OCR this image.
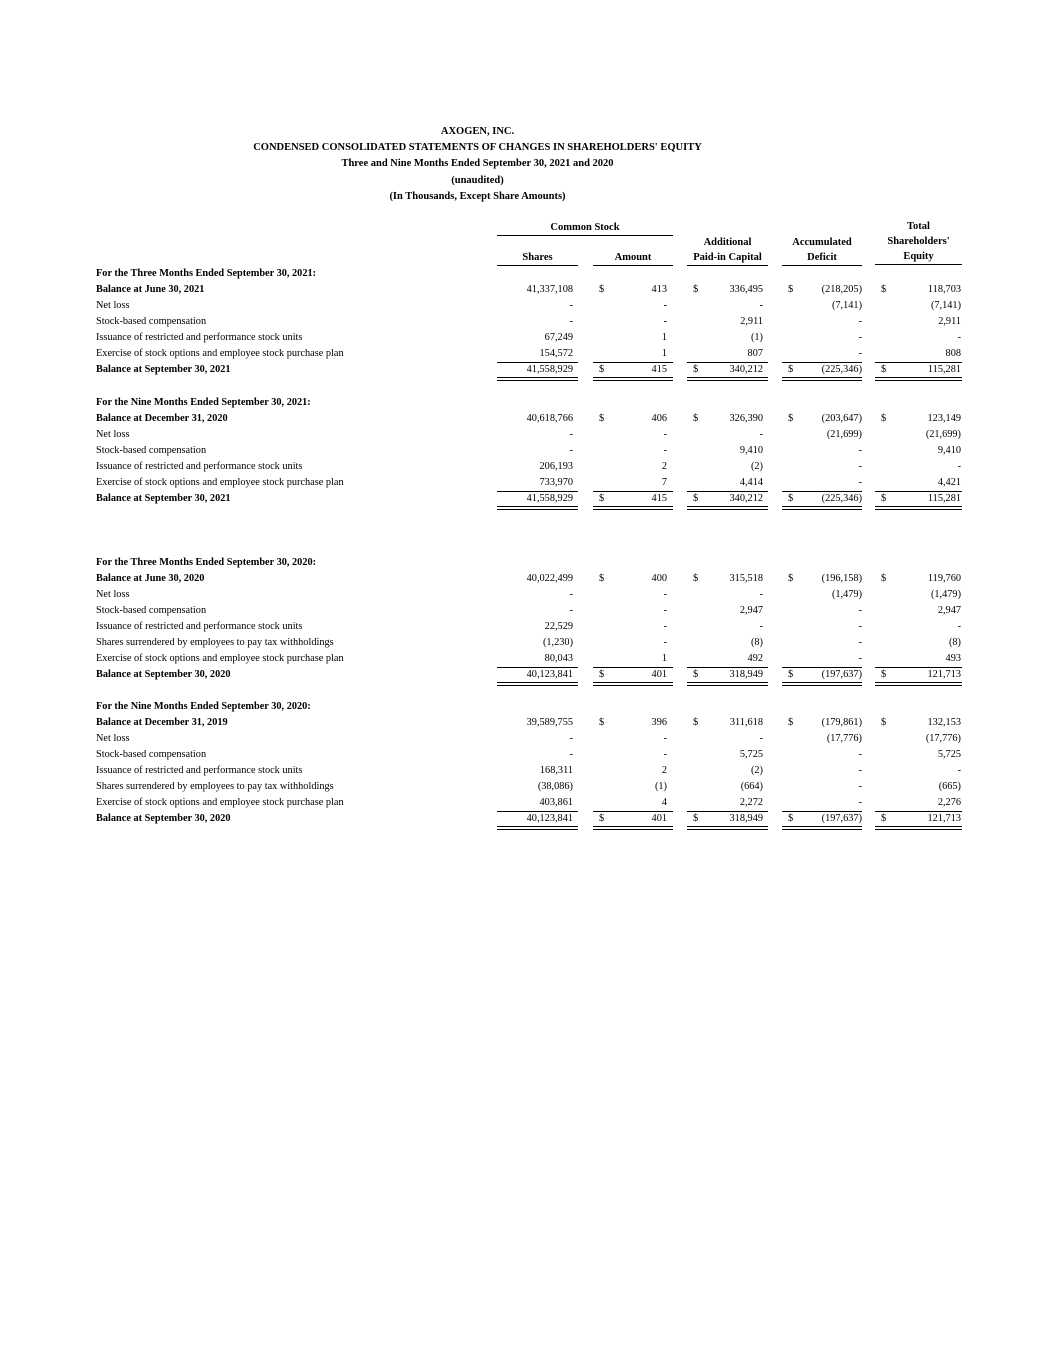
AXOGEN, INC.
CONDENSED CONSOLIDATED STATEMENTS OF CHANGES IN SHAREHOLDERS' EQUITY
Three and Nine Months Ended September 30, 2021 and 2020
(unaudited)
(In Thousands, Except Share Amounts)
Common Stock
Shares	Amount
Additional
Paid-in Capital
Accumulated
Deficit
Total
Shareholders'
Equity
For the Three Months Ended September 30, 2021:
Balance at June 30, 2021	41,337,108	$	413	$	336,495 $	(218,205) $	118,703
Net loss	-	-	-	(7,141)	(7,141)
Stock-based compensation	-	-	2,911	-	2,911
Issuance of restricted and performance stock units	67,249	1	(1)	-	-
Exercise of stock options and employee stock purchase plan	154,572	1	807	-	808
Balance at September 30, 2021	41,558,929	$	415	$	340,212 $	(225,346) $	115,281
For the Nine Months Ended September 30, 2021:
Balance at December 31, 2020	40,618,766	$	406	$	326,390 $	(203,647) $	123,149
Net loss	-	-	-	(21,699)	(21,699)
Stock-based compensation	-	-	9,410	-	9,410
Issuance of restricted and performance stock units	206,193	2	(2)	-	-
Exercise of stock options and employee stock purchase plan	733,970	7	4,414	-	4,421
Balance at September 30, 2021	41,558,929	$	415	$	340,212 $	(225,346) $	115,281
For the Three Months Ended September 30, 2020:
Balance at June 30, 2020	40,022,499	$	400	$	315,518 $	(196,158) $	119,760
Net loss	-	-	-	(1,479)	(1,479)
Stock-based compensation	-	-	2,947	-	2,947
Issuance of restricted and performance stock units	22,529	-	-	-	-
Shares surrendered by employees to pay tax withholdings	(1,230)	-	(8)	-	(8)
Exercise of stock options and employee stock purchase plan	80,043	1	492	-	493
Balance at September 30, 2020	40,123,841	$	401	$	318,949 $	(197,637) $	121,713
For the Nine Months Ended September 30, 2020:
Balance at December 31, 2019	39,589,755	$	396	$	311,618 $	(179,861) $	132,153
Net loss	-	-	-	(17,776)	(17,776)
Stock-based compensation	-	-	5,725	-	5,725
Issuance of restricted and performance stock units	168,311	2	(2)	-	-
Shares surrendered by employees to pay tax withholdings	(38,086)	(1)	(664)	-	(665)
Exercise of stock options and employee stock purchase plan	403,861	4	2,272	-	2,276
Balance at September 30, 2020	40,123,841	$	401	$	318,949 $	(197,637) $	121,713
